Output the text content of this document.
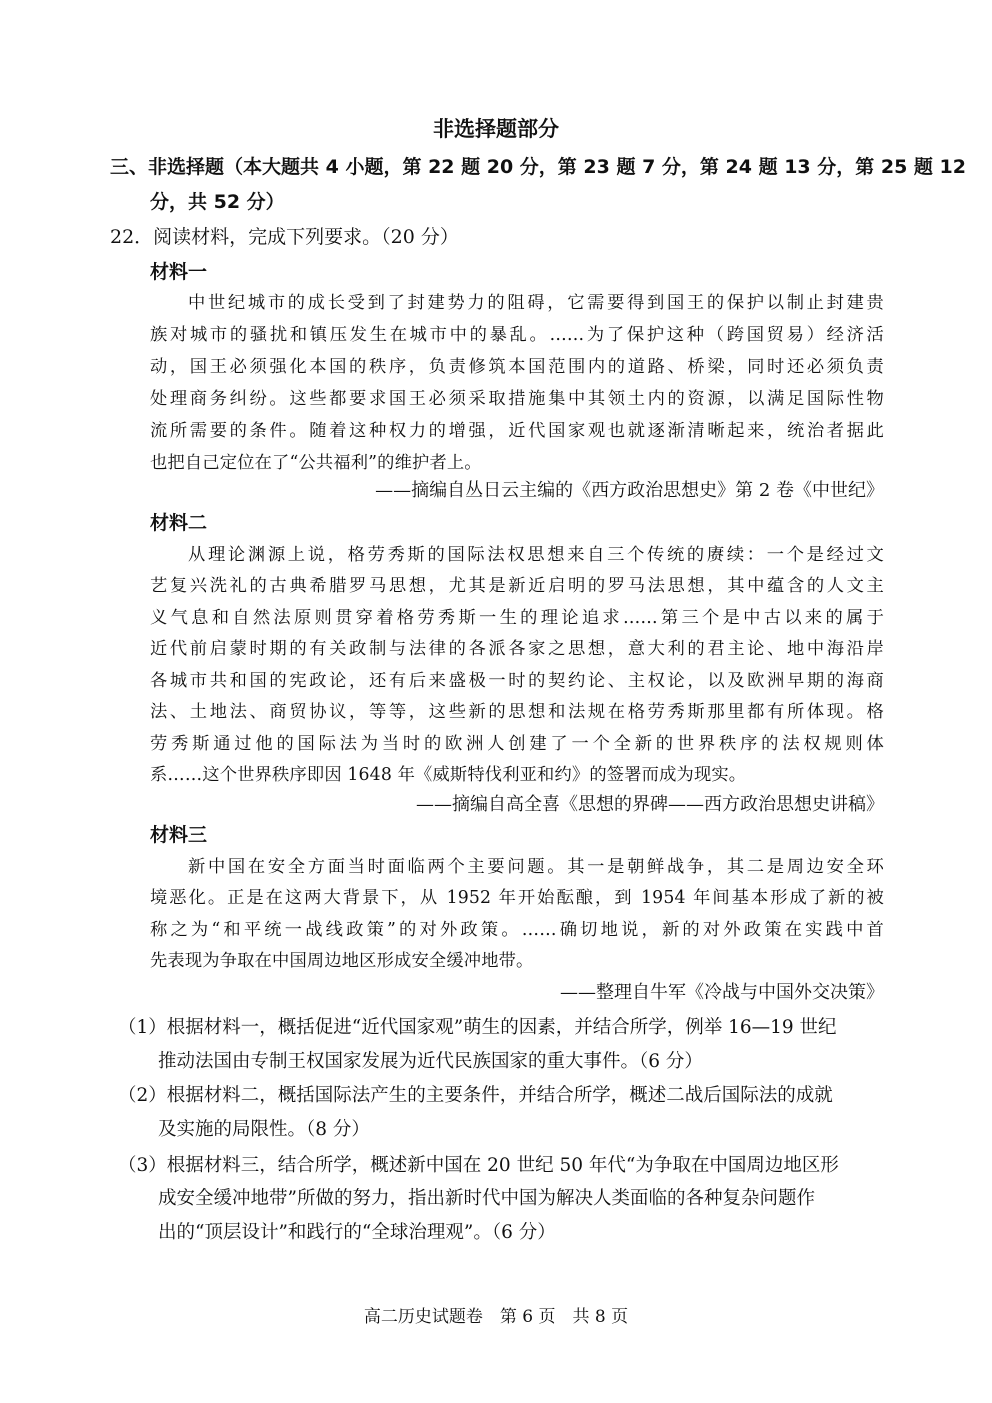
非选择题部分
三、非选择题（本大题共 4 小题，第 22 题 20 分，第 23 题 7 分，第 24 题 13 分，第 25 题 12
分，共 52 分）
22．阅读材料，完成下列要求。（20 分）
材料一
中世纪城市的成长受到了封建势力的阻碍，它需要得到国王的保护以制止封建贵
族对城市的骚扰和镇压发生在城市中的暴乱。……为了保护这种（跨国贸易）经济活
动，国王必须强化本国的秩序，负责修筑本国范围内的道路、桥梁，同时还必须负责
处理商务纠纷。这些都要求国王必须采取措施集中其领土内的资源，以满足国际性物
流所需要的条件。随着这种权力的增强，近代国家观也就逐渐清晰起来，统治者据此
也把自己定位在了“公共福利”的维护者上。
——摘编自丛日云主编的《西方政治思想史》第 2 卷《中世纪》
材料二
从理论渊源上说，格劳秀斯的国际法权思想来自三个传统的赓续：一个是经过文
艺复兴洗礼的古典希腊罗马思想，尤其是新近启明的罗马法思想，其中蕴含的人文主
义气息和自然法原则贯穿着格劳秀斯一生的理论追求……第三个是中古以来的属于
近代前启蒙时期的有关政制与法律的各派各家之思想，意大利的君主论、地中海沿岸
各城市共和国的宪政论，还有后来盛极一时的契约论、主权论，以及欧洲早期的海商
法、土地法、商贸协议，等等，这些新的思想和法规在格劳秀斯那里都有所体现。格
劳秀斯通过他的国际法为当时的欧洲人创建了一个全新的世界秩序的法权规则体
系……这个世界秩序即因 1648 年《威斯特伐利亚和约》的签署而成为现实。
——摘编自高全喜《思想的界碑——西方政治思想史讲稿》
材料三
新中国在安全方面当时面临两个主要问题。其一是朝鲜战争，其二是周边安全环
境恶化。正是在这两大背景下，从 1952 年开始酝酿，到 1954 年间基本形成了新的被
称之为“和平统一战线政策”的对外政策。……确切地说，新的对外政策在实践中首
先表现为争取在中国周边地区形成安全缓冲地带。
——整理自牛军《冷战与中国外交决策》
（1）根据材料一，概括促进“近代国家观”萌生的因素，并结合所学，例举 16—19 世纪
推动法国由专制王权国家发展为近代民族国家的重大事件。（6 分）
（2）根据材料二，概括国际法产生的主要条件，并结合所学，概述二战后国际法的成就
及实施的局限性。（8 分）
（3）根据材料三，结合所学，概述新中国在 20 世纪 50 年代“为争取在中国周边地区形
成安全缓冲地带”所做的努力，指出新时代中国为解决人类面临的各种复杂问题作
出的“顶层设计”和践行的“全球治理观”。（6 分）
高二历史试题卷　第 6 页　共 8 页
